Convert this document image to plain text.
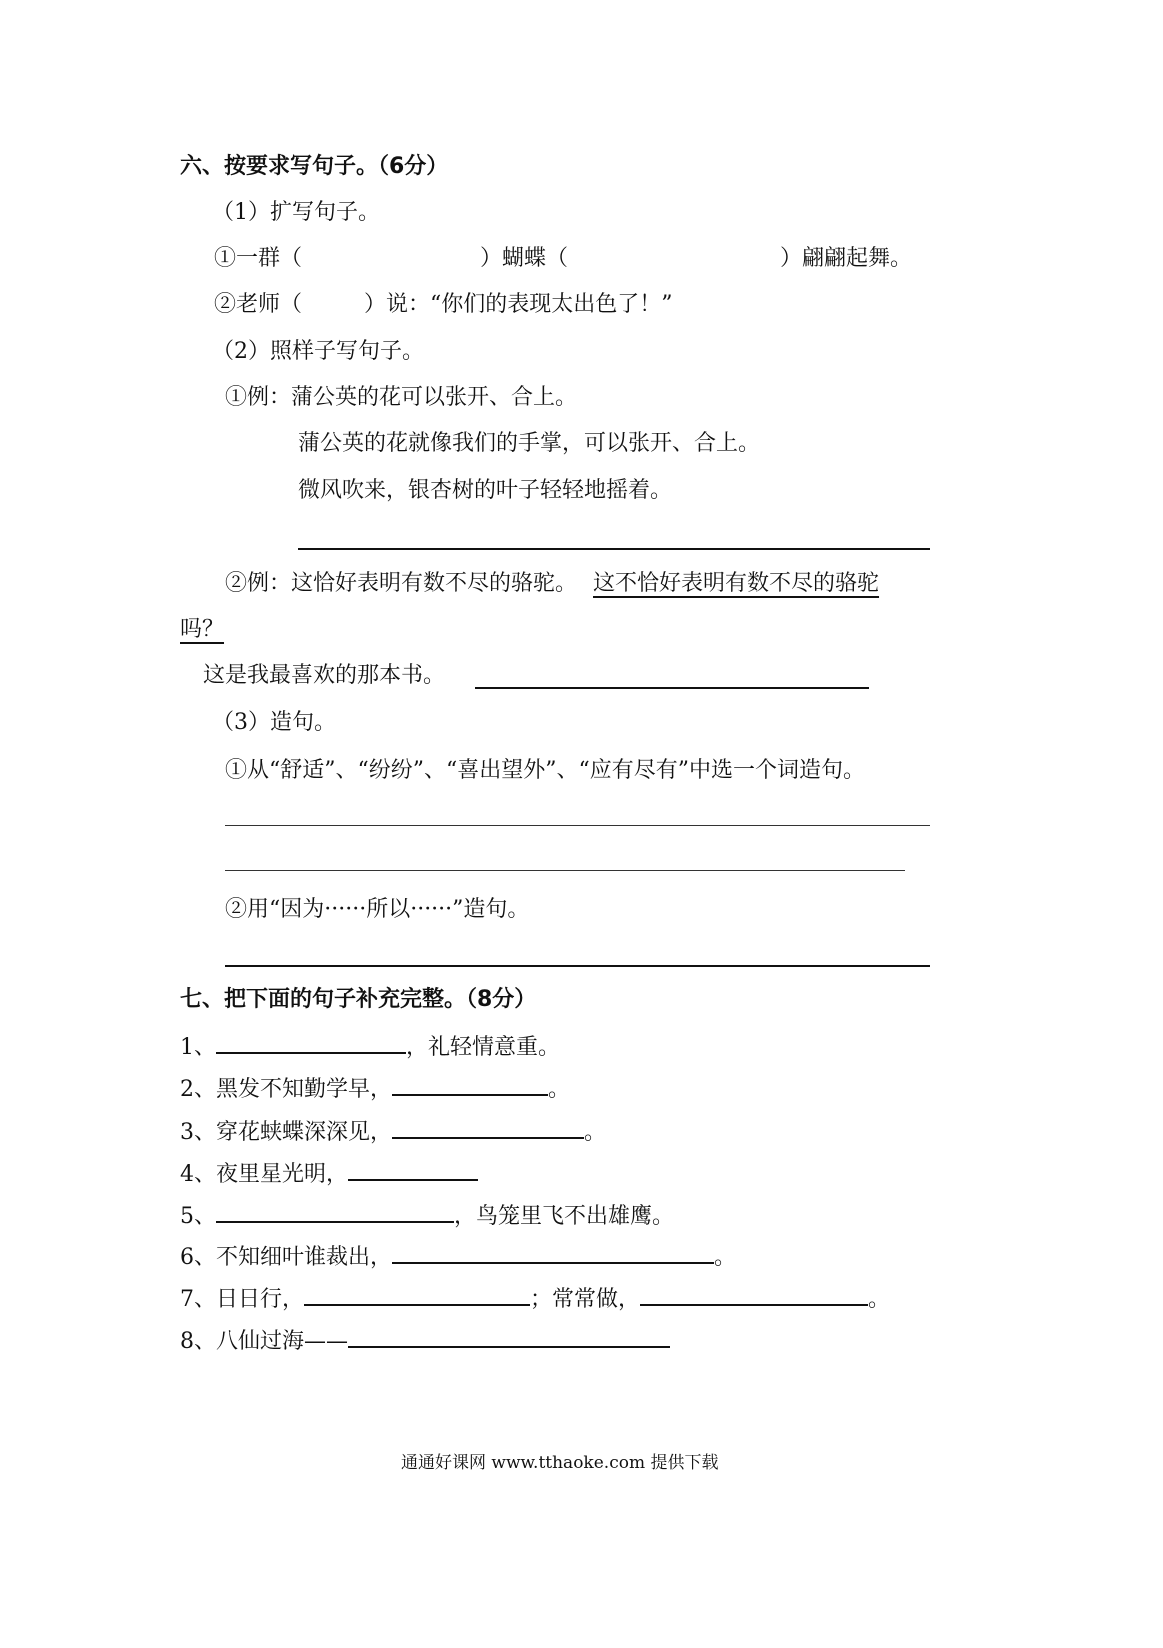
六、按要求写句子。（6分）
（1）扩写句子。
①一群（	）蝴蝶（	）翩翩起舞。
②老师（	）说：“你们的表现太出色了！”
（2）照样子写句子。
①例：蒲公英的花可以张开、合上。
蒲公英的花就像我们的手掌，可以张开、合上。
微风吹来，银杏树的叶子轻轻地摇着。
②例：这恰好表明有数不尽的骆驼。 这不恰好表明有数不尽的骆驼
吗？
这是我最喜欢的那本书。
（3）造句。
①从“舒适”、“纷纷”、“喜出望外”、“应有尽有”中选一个词造句。
②用“因为······所以······”造句。
七、把下面的句子补充完整。（8分）
1、	，礼轻情意重。
2、黑发不知勤学早，	。
3、穿花蛱蝶深深见，	。
4、夜里星光明，
5、	，鸟笼里飞不出雄鹰。
6、不知细叶谁裁出，	。
7、日日行，	；常常做，	。
8、八仙过海——
通通好课网 www.tthaoke.com 提供下载
